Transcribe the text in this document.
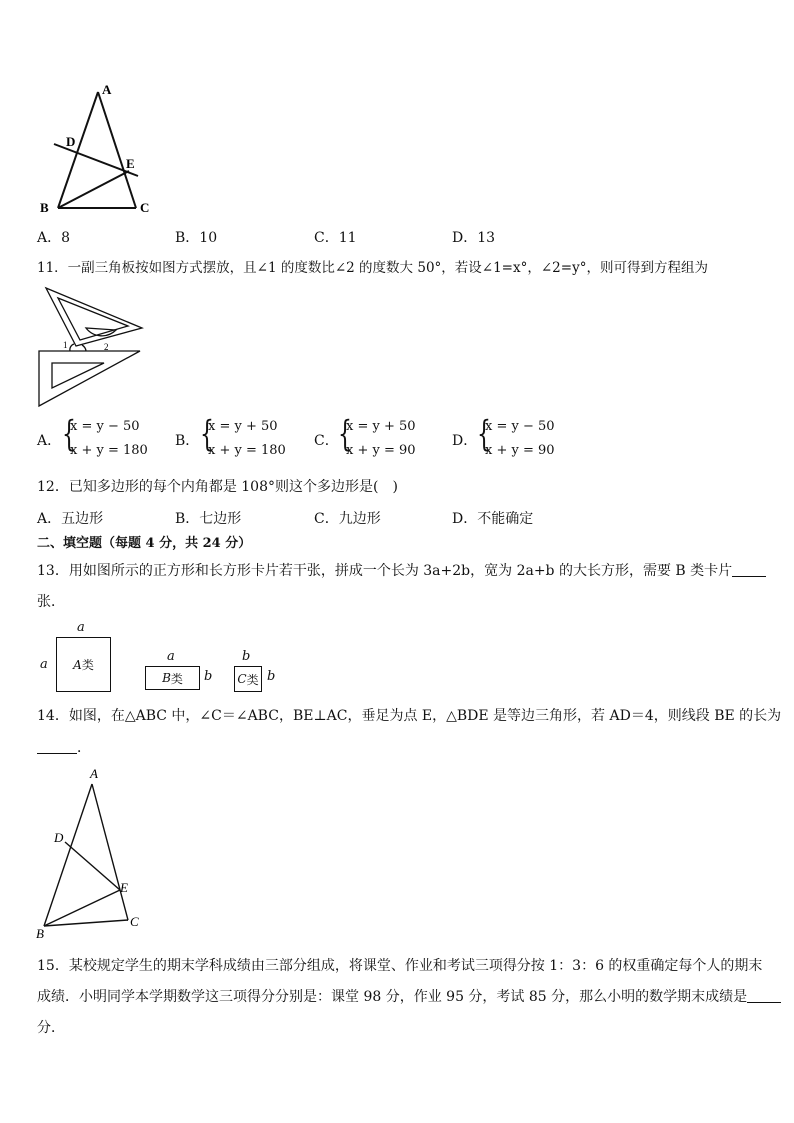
A
D
E
B	C
A．8	B．10	C．11	D．13
11．一副三角板按如图方式摆放，且∠1 的度数比∠2 的度数大 50°，若设∠1=x°，∠2=y°，则可得到方程组为
1	2
A． {
x = y − 50
x + y = 180
B． {
x = y + 50
x + y = 180
C． {
x = y + 50
x + y = 90
D． {
x = y − 50
x + y = 90
12．已知多边形的每个内角都是 108°则这个多边形是(　)
A．五边形	B．七边形	C．九边形	D．不能确定
二、填空题（每题 4 分，共 24 分）
13．用如图所示的正方形和长方形卡片若干张，拼成一个长为 3a+2b，宽为 2a+b 的大长方形，需要 B 类卡片
张．
a
a A 类
a
B 类 b
b
C 类 b
14．如图，在△ABC 中，∠C＝∠ABC，BE⊥AC，垂足为点 E，△BDE 是等边三角形，若 AD＝4，则线段 BE 的长为
．
A
D
E
B
C
15．某校规定学生的期末学科成绩由三部分组成，将课堂、作业和考试三项得分按 1：3：6 的权重确定每个人的期末
成绩．小明同学本学期数学这三项得分分别是：课堂 98 分，作业 95 分，考试 85 分，那么小明的数学期末成绩是
分．
